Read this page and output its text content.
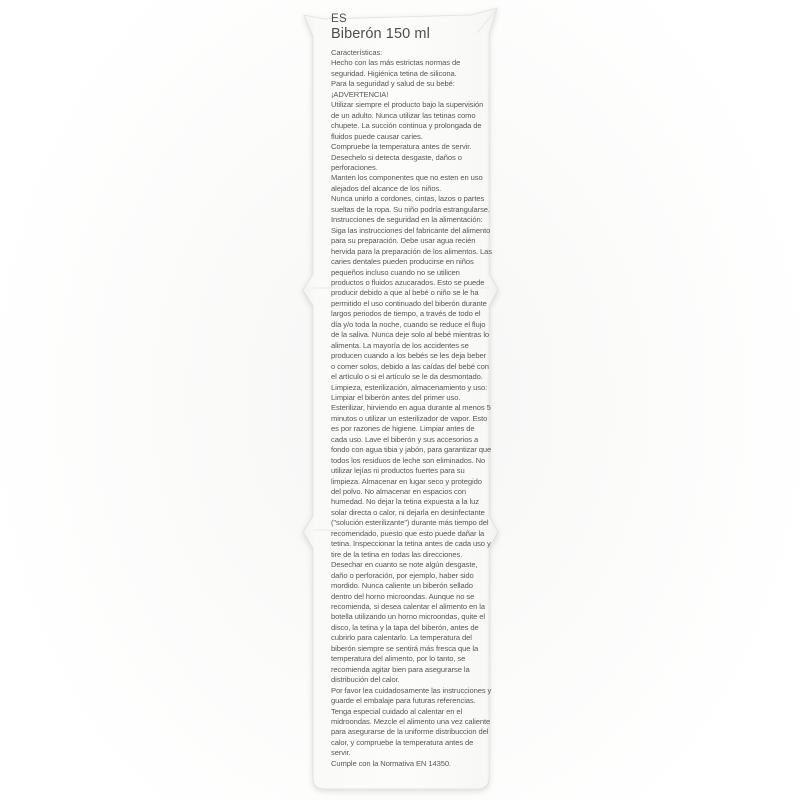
ES
Biberón 150 ml
Características:
Hecho con las más estrictas normas de seguridad. Higiénica tetina de silicona.
Para la seguridad y salud de su bebé:
¡ADVERTENCIA!
Utilizar siempre el producto bajo la supervisión de un adulto. Nunca utilizar las tetinas como chupete. La succión continua y prolongada de fluidos puede causar caries.
Compruebe la temperatura antes de servir.
Desechelo si detecta desgaste, daños o perforaciones.
Manten los componentes que no esten en uso alejados del alcance de los niños.
Nunca unirlo a cordones, cintas, lazos o partes sueltas de la ropa. Su niño podría estrangularse.
Instrucciones de seguridad en la alimentación:
Siga las instrucciones del fabricante del alimento para su preparación. Debe usar agua recién hervida para la preparación de los alimentos. Las caries dentales pueden producirse en niños pequeños incluso cuando no se utilicen productos o fluidos azucarados. Esto se puede producir debido a que al bebé o niño se le ha permitido el uso continuado del biberón durante largos periodos de tiempo, a través de todo el día y/o toda la noche, cuando se reduce el flujo de la saliva. Nunca deje solo al bebé mientras lo alimenta. La mayoría de los accidentes se producen cuando a los bebés se les deja beber o comer solos, debido a las caídas del bebé con el artículo o si el artículo se le da desmontado.
Limpieza, esterilización, almacenamiento y uso:
Limpiar el biberón antes del primer uso.
Esterilizar, hirviendo en agua durante al menos 5 minutos o utilizar un esterilizador de vapor. Esto es por razones de higiene. Limpiar antes de cada uso. Lave el biberón y sus accesorios a fondo con agua tibia y jabón, para garantizar que todos los residuos de leche son eliminados. No utilizar lejías ni productos fuertes para su limpieza. Almacenar en lugar seco y protegido del polvo. No almacenar en espacios con humedad. No dejar la tetina expuesta a la luz solar directa o calor, ni dejarla en desinfectante ("solución esterilizante") durante más tiempo del recomendado, puesto que esto puede dañar la tetina. Inspeccionar la tetina antes de cada uso y tire de la tetina en todas las direcciones.
Desechar en cuanto se note algún desgaste, daño o perforación, por ejemplo, haber sido mordido. Nunca caliente un biberón sellado dentro del horno microondas. Aunque no se recomienda, si desea calentar el alimento en la botella utilizando un horno microondas, quite el disco, la tetina y la tapa del biberón, antes de cubrirlo para calentarlo. La temperatura del biberón siempre se sentirá más fresca que la temperatura del alimento, por lo tanto, se recomienda agitar bien para asegurarse la distribución del calor.
Por favor lea cuidadosamente las instrucciones y guarde el embalaje para futuras referencias. Tenga especial cuidado al calentar en el midroondas. Mezcle el alimento una vez caliente para asegurarse de la uniforme distribuccion del calor, y compruebe la temperatura antes de servir.
Cumple con la Normativa EN 14350.
